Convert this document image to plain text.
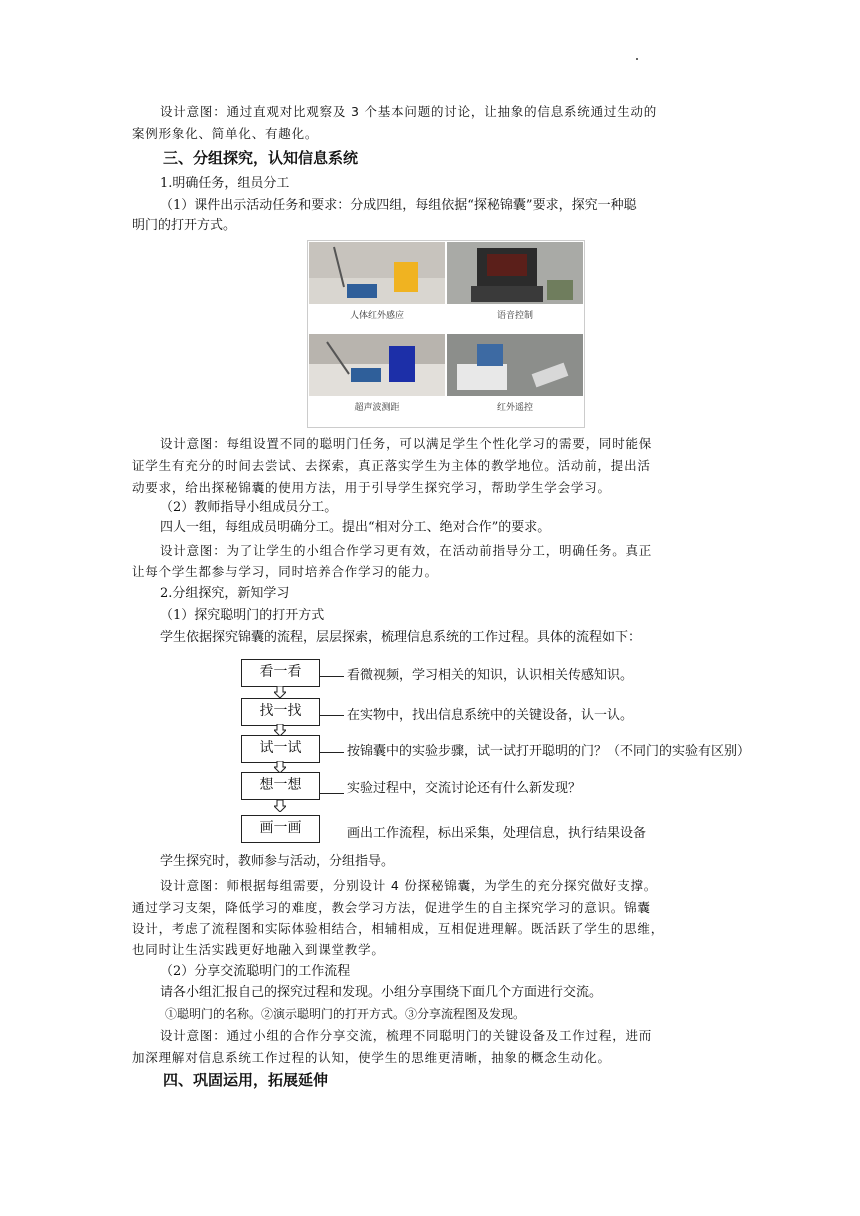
设计意图：通过直观对比观察及 3 个基本问题的讨论，让抽象的信息系统通过生动的
案例形象化、简单化、有趣化。
三、分组探究，认知信息系统
1.明确任务，组员分工
（1）课件出示活动任务和要求：分成四组，每组依据“探秘锦囊”要求，探究一种聪
明门的打开方式。
人体红外感应	语音控制
超声波测距	红外遥控
设计意图：每组设置不同的聪明门任务，可以满足学生个性化学习的需要，同时能保
证学生有充分的时间去尝试、去探索，真正落实学生为主体的教学地位。活动前，提出活
动要求，给出探秘锦囊的使用方法，用于引导学生探究学习，帮助学生学会学习。
（2）教师指导小组成员分工。
四人一组，每组成员明确分工。提出“相对分工、绝对合作”的要求。
设计意图：为了让学生的小组合作学习更有效，在活动前指导分工，明确任务。真正
让每个学生都参与学习，同时培养合作学习的能力。
2.分组探究，新知学习
（1）探究聪明门的打开方式
学生依据探究锦囊的流程，层层探索，梳理信息系统的工作过程。具体的流程如下：
看一看	看微视频，学习相关的知识，认识相关传感知识。
找一找	在实物中，找出信息系统中的关键设备，认一认。
试一试	按锦囊中的实验步骤，试一试打开聪明的门？（不同门的实验有区别）
想一想	实验过程中，交流讨论还有什么新发现？
画一画	画出工作流程，标出采集，处理信息，执行结果设备
学生探究时，教师参与活动，分组指导。
设计意图：师根据每组需要，分别设计 4 份探秘锦囊，为学生的充分探究做好支撑。
通过学习支架，降低学习的难度，教会学习方法，促进学生的自主探究学习的意识。锦囊
设计，考虑了流程图和实际体验相结合，相辅相成，互相促进理解。既活跃了学生的思维，
也同时让生活实践更好地融入到课堂教学。
（2）分享交流聪明门的工作流程
请各小组汇报自己的探究过程和发现。小组分享围绕下面几个方面进行交流。
①聪明门的名称。②演示聪明门的打开方式。③分享流程图及发现。
设计意图：通过小组的合作分享交流，梳理不同聪明门的关键设备及工作过程，进而
加深理解对信息系统工作过程的认知，使学生的思维更清晰，抽象的概念生动化。
四、巩固运用，拓展延伸
